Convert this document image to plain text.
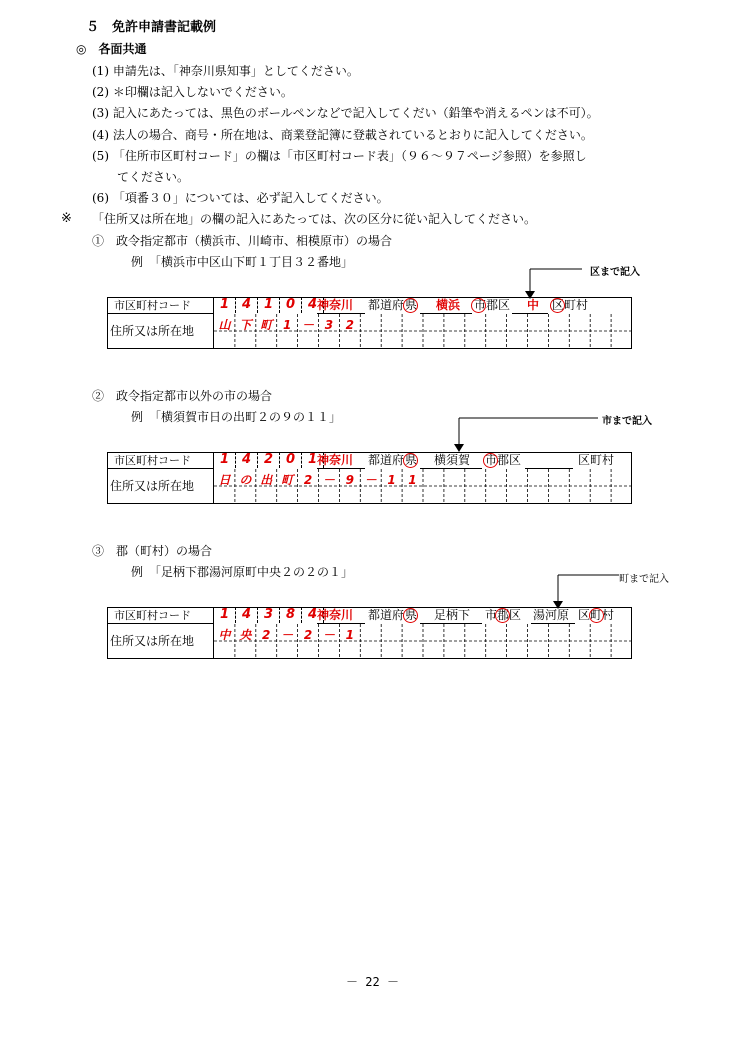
５　免許申請書記載例
◎　各面共通
(1) 申請先は、「神奈川県知事」としてください。
(2) ＊印欄は記入しないでください。
(3) 記入にあたっては、黒色のボールペンなどで記入してくだい（鉛筆や消えるペンは不可）。
(4) 法人の場合、商号・所在地は、商業登記簿に登載されているとおりに記入してください。
(5) 「住所市区町村コード」の欄は「市区町村コード表」（９６～９７ページ参照）を参照し
てください。
(6) 「項番３０」については、必ず記入してください。
※ 「住所又は所在地」の欄の記入にあたっては、次の区分に従い記入してください。
①　政令指定都市（横浜市、川崎市、相模原市）の場合
例　「横浜市中区山下町１丁目３２番地」
区まで記入
市区町村コード
住所又は所在地
1 4 1 0 4
山 下 町 1 － 3 2
神奈川 都道府 県 横浜 市郡区 中 区町村
②　政令指定都市以外の市の場合
例　「横須賀市日の出町２の９の１１」	市まで記入
市区町村コード
住所又は所在地
1 4 2 0 1
日 の 出 町 2 － 9 － 1 1
神奈川 都道府 県 横須賀 市郡区	区町村
③　郡（町村）の場合
例　「足柄下郡湯河原町中央２の２の１」
町まで記入
市区町村コード
住所又は所在地
1 4 3 8 4
中 央 2 － 2 － 1
神奈川 都道府 県 足柄下 市郡区 湯河原 区町村
－ 22 －
